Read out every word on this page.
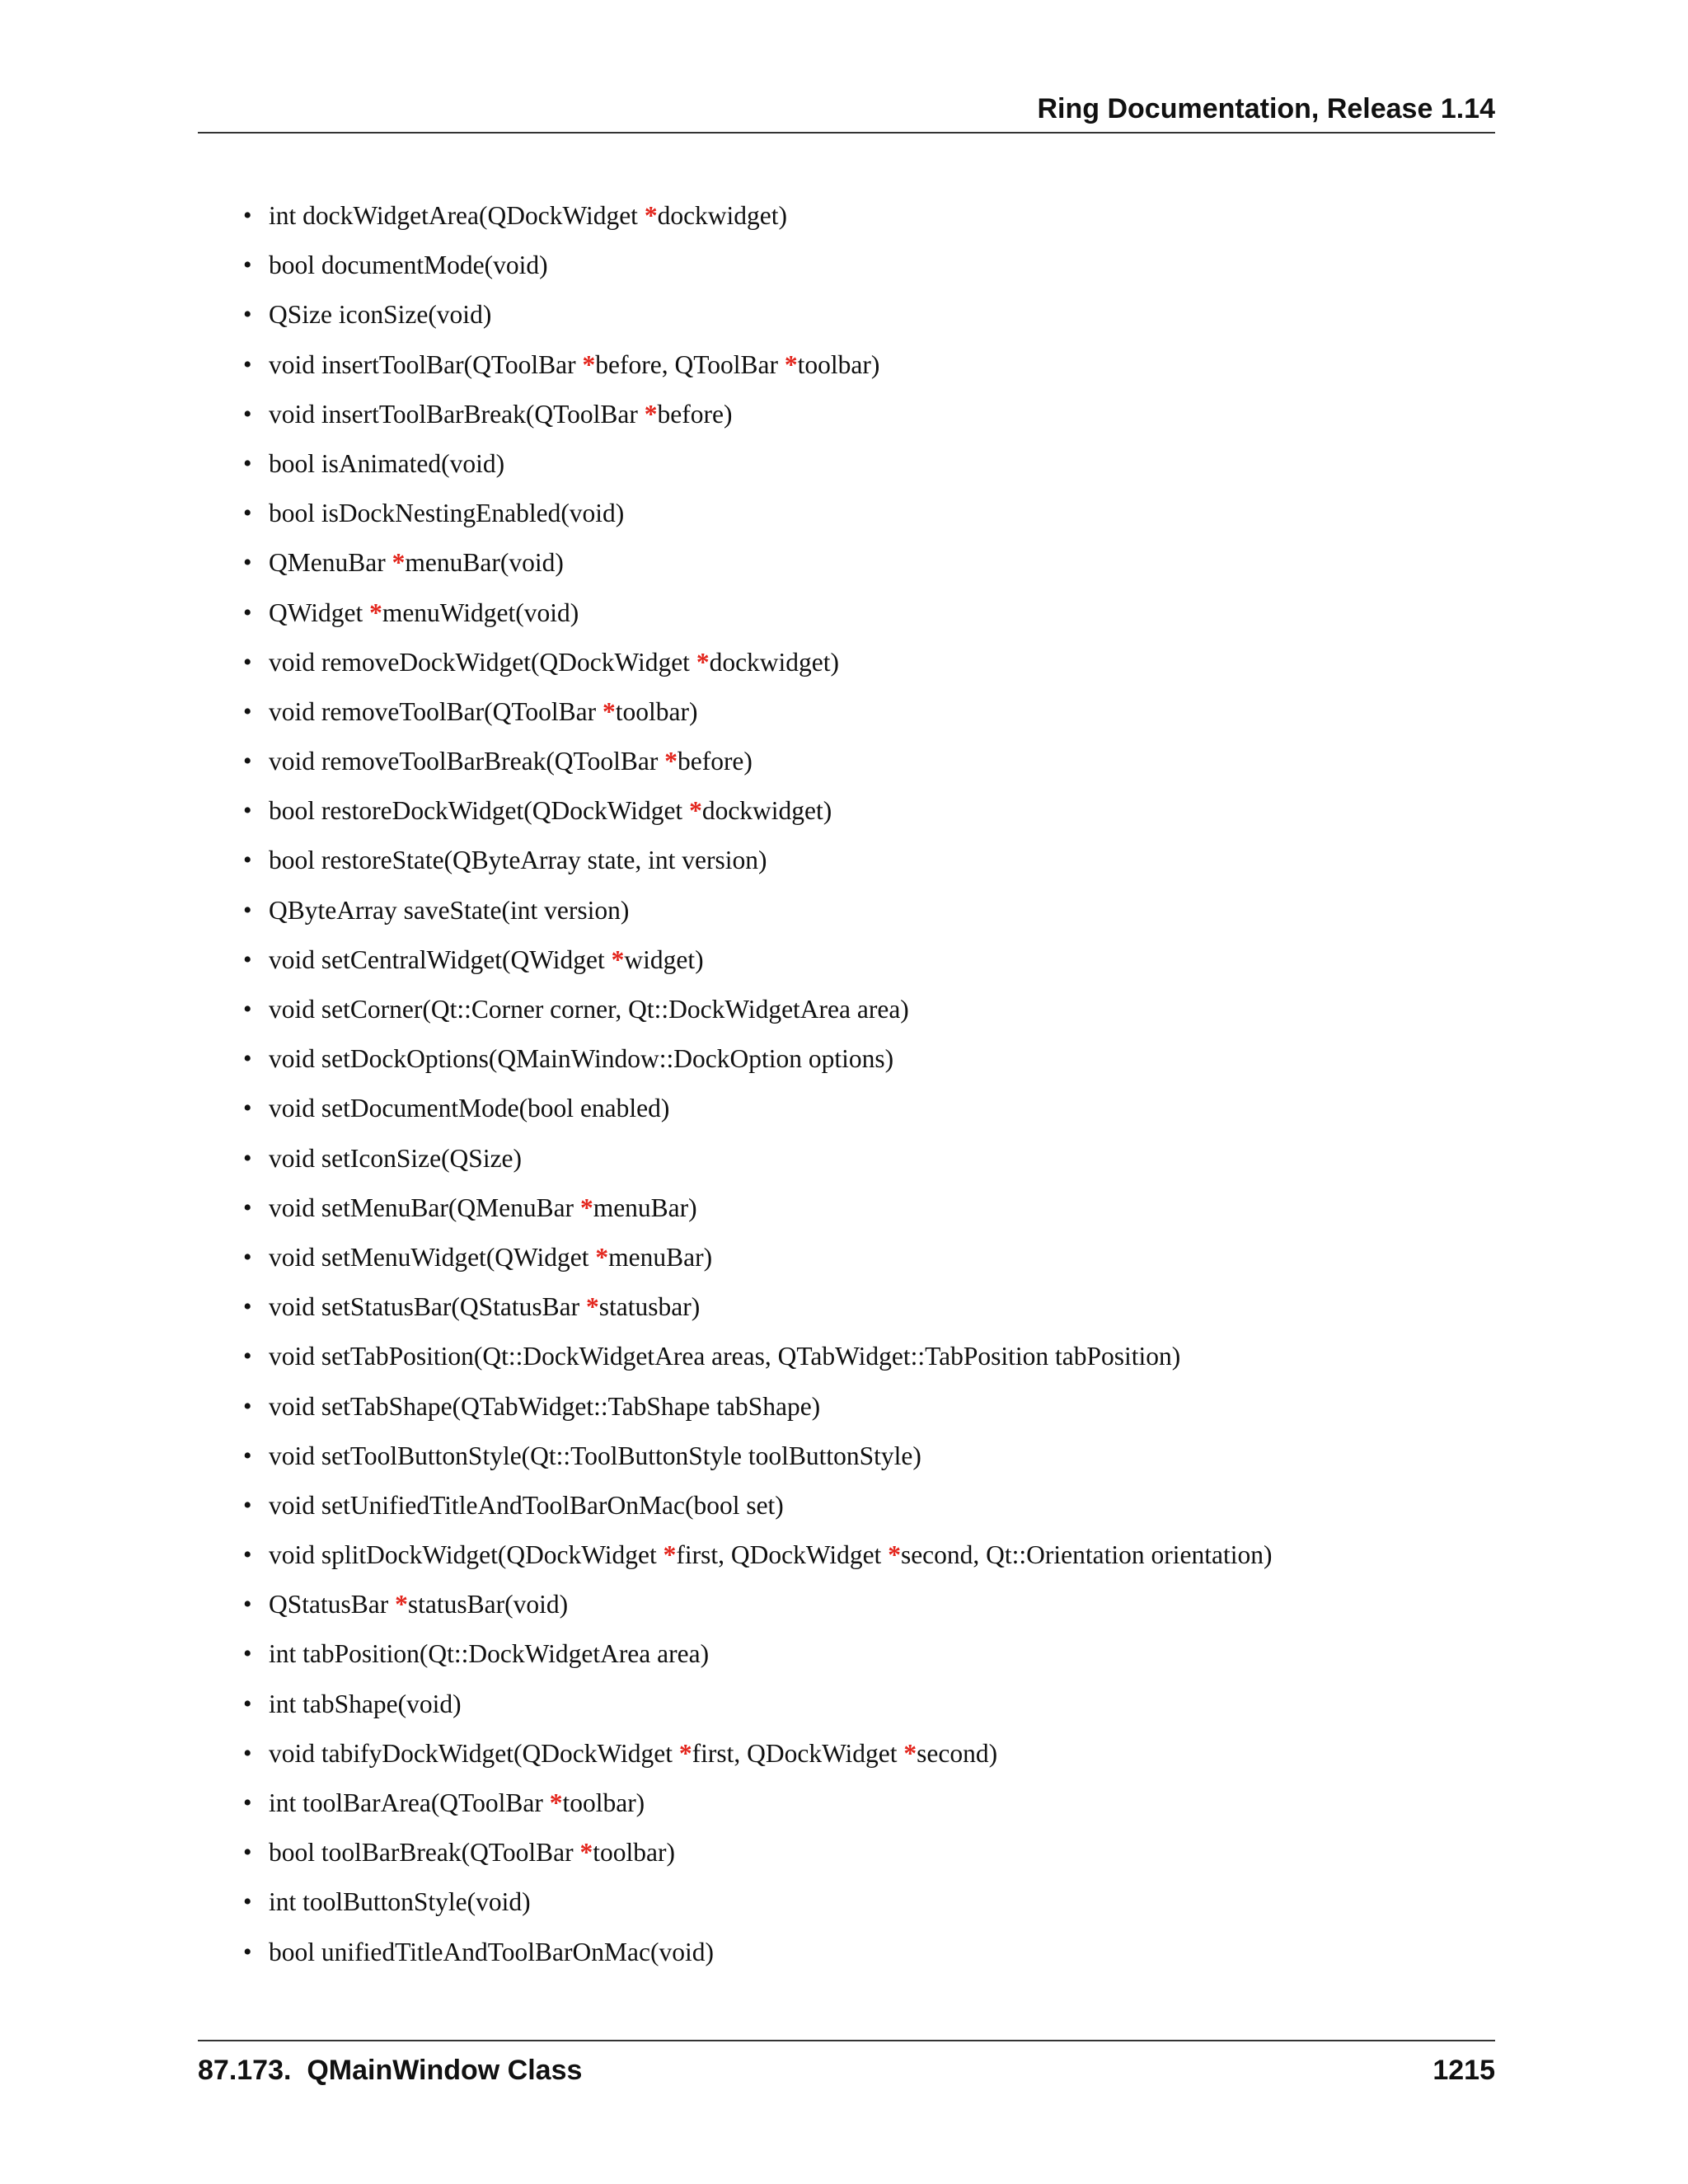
Ring Documentation, Release 1.14
• int dockWidgetArea(QDockWidget *dockwidget)
• bool documentMode(void)
• QSize iconSize(void)
• void insertToolBar(QToolBar *before, QToolBar *toolbar)
• void insertToolBarBreak(QToolBar *before)
• bool isAnimated(void)
• bool isDockNestingEnabled(void)
• QMenuBar *menuBar(void)
• QWidget *menuWidget(void)
• void removeDockWidget(QDockWidget *dockwidget)
• void removeToolBar(QToolBar *toolbar)
• void removeToolBarBreak(QToolBar *before)
• bool restoreDockWidget(QDockWidget *dockwidget)
• bool restoreState(QByteArray state, int version)
• QByteArray saveState(int version)
• void setCentralWidget(QWidget *widget)
• void setCorner(Qt::Corner corner, Qt::DockWidgetArea area)
• void setDockOptions(QMainWindow::DockOption options)
• void setDocumentMode(bool enabled)
• void setIconSize(QSize)
• void setMenuBar(QMenuBar *menuBar)
• void setMenuWidget(QWidget *menuBar)
• void setStatusBar(QStatusBar *statusbar)
• void setTabPosition(Qt::DockWidgetArea areas, QTabWidget::TabPosition tabPosition)
• void setTabShape(QTabWidget::TabShape tabShape)
• void setToolButtonStyle(Qt::ToolButtonStyle toolButtonStyle)
• void setUnifiedTitleAndToolBarOnMac(bool set)
• void splitDockWidget(QDockWidget *first, QDockWidget *second, Qt::Orientation orientation)
• QStatusBar *statusBar(void)
• int tabPosition(Qt::DockWidgetArea area)
• int tabShape(void)
• void tabifyDockWidget(QDockWidget *first, QDockWidget *second)
• int toolBarArea(QToolBar *toolbar)
• bool toolBarBreak(QToolBar *toolbar)
• int toolButtonStyle(void)
• bool unifiedTitleAndToolBarOnMac(void)
87.173.  QMainWindow Class	1215
